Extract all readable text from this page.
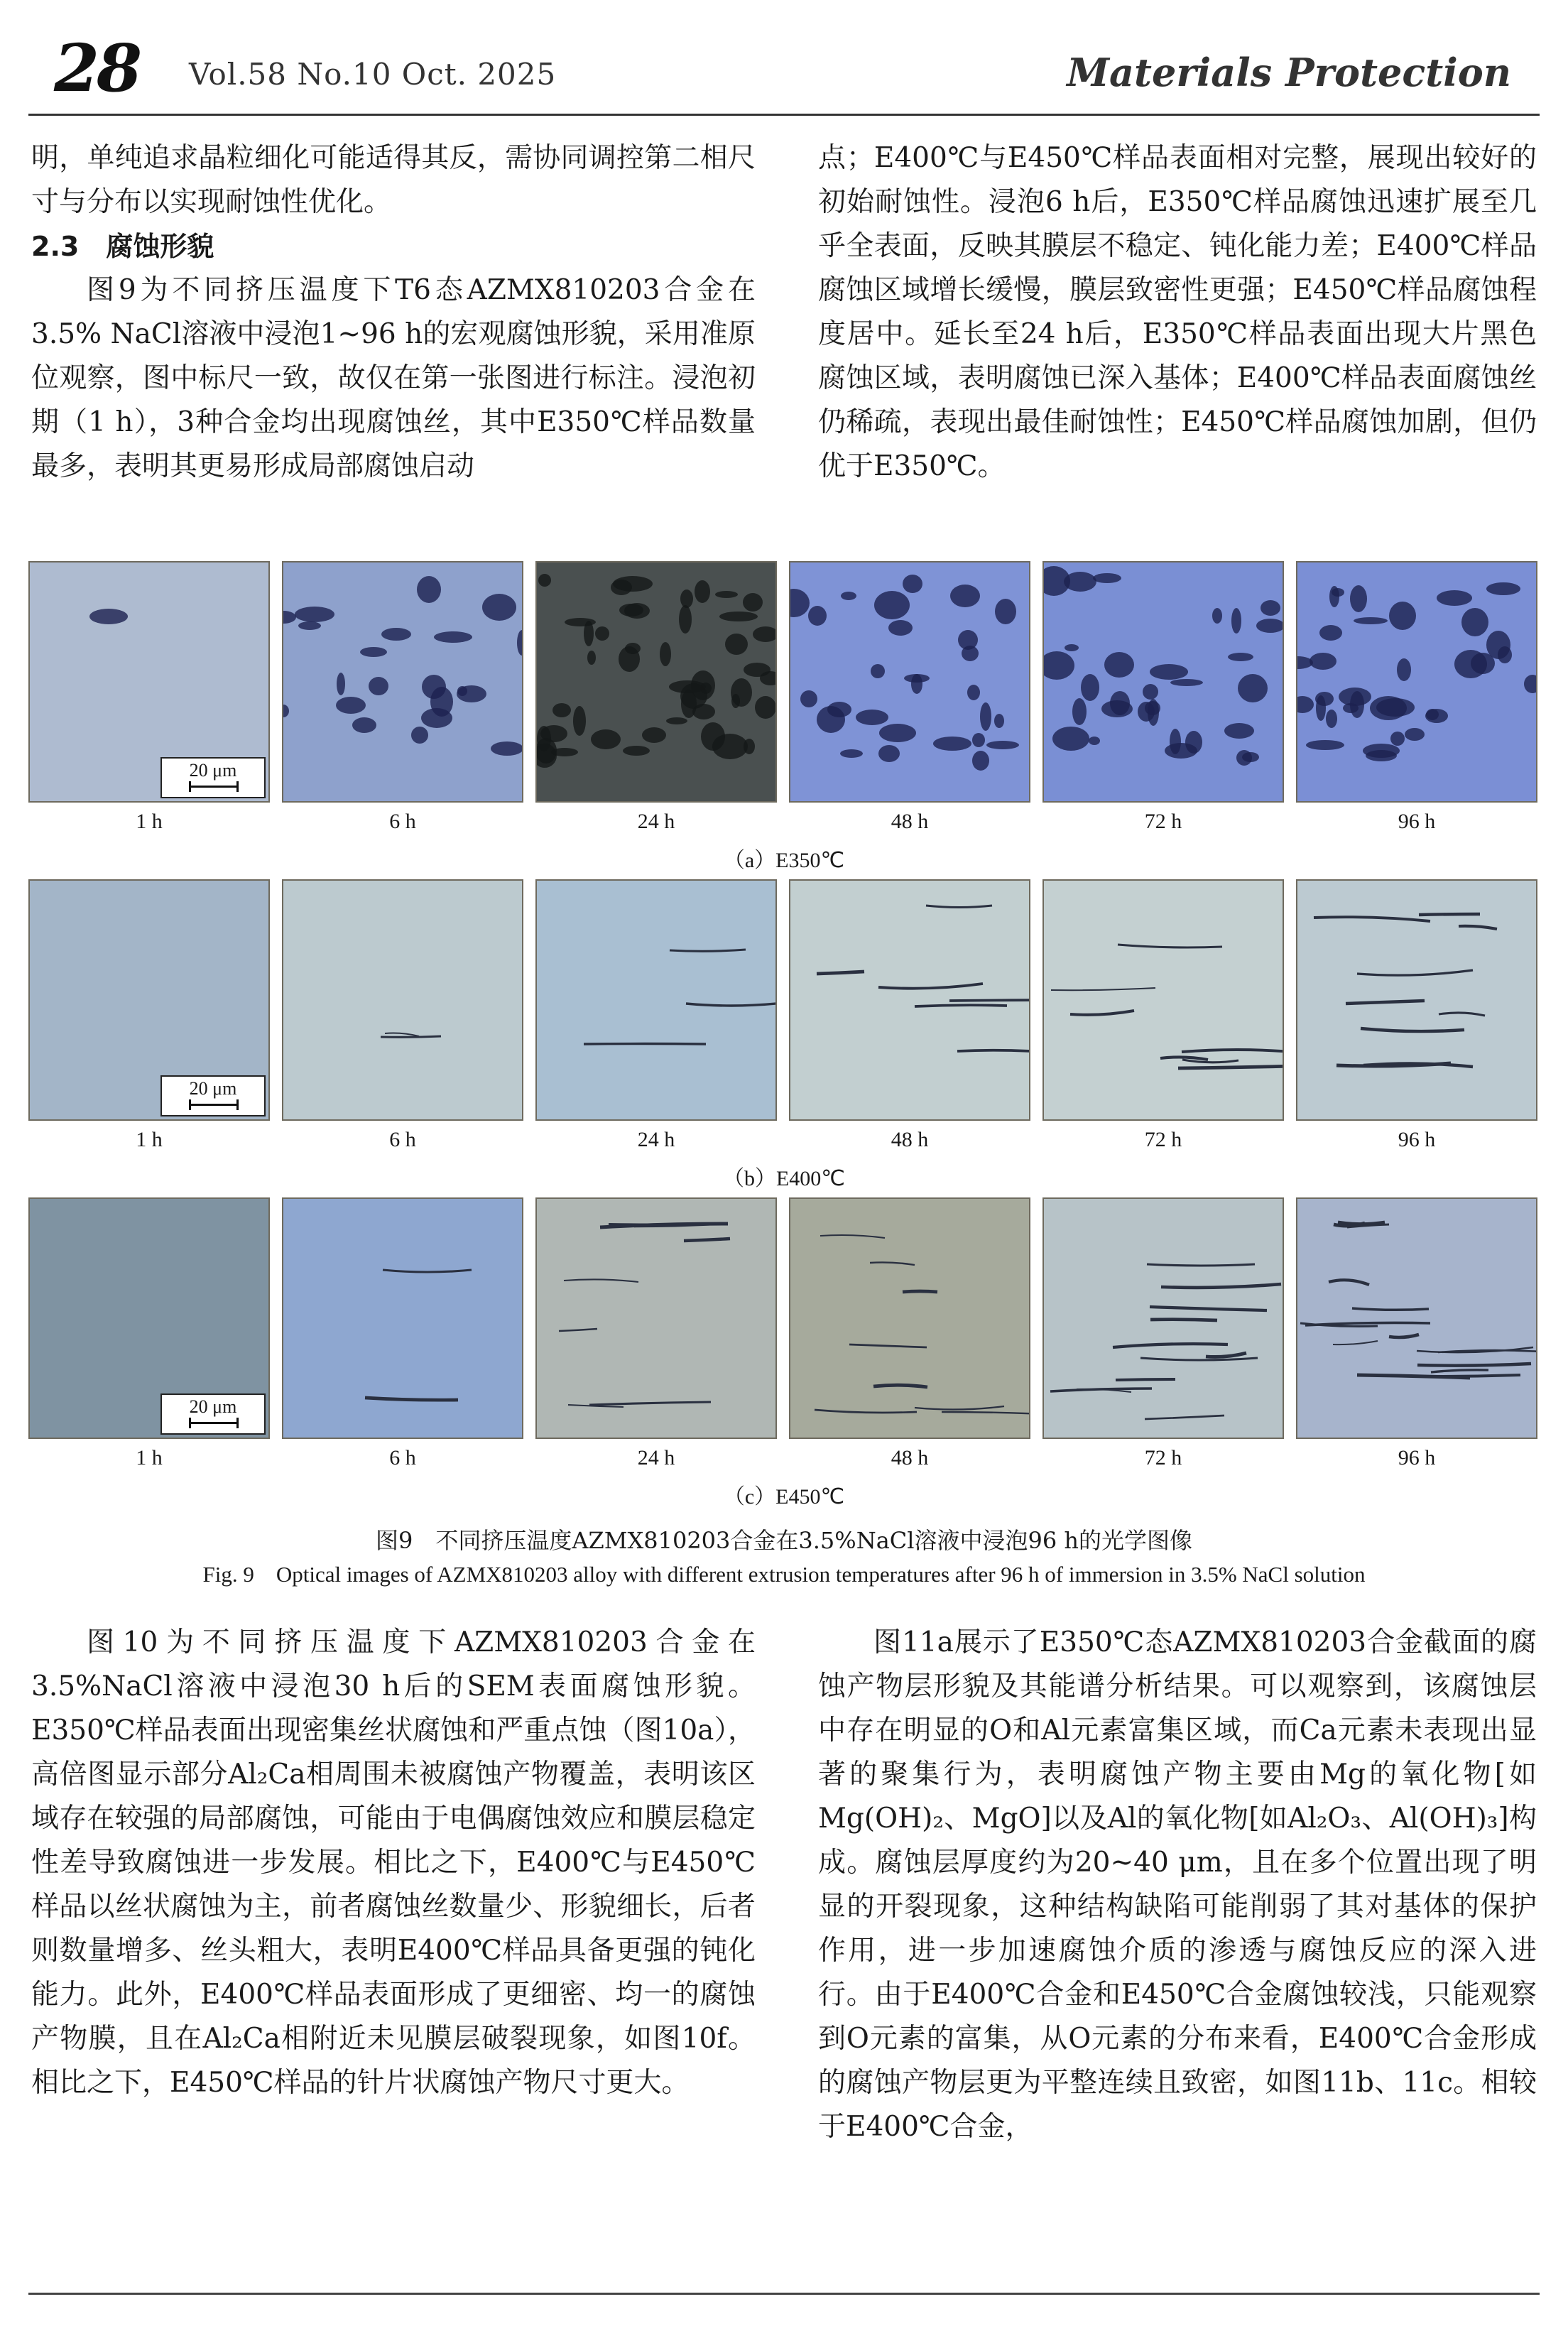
28 Vol.58 No.10 Oct. 2025	Materials Protection

明，单纯追求晶粒细化可能适得其反，需协同调控第二相尺寸与分布以实现耐蚀性优化。

2.3　腐蚀形貌

图9为不同挤压温度下T6态AZMX810203合金在3.5% NaCl溶液中浸泡1~96 h的宏观腐蚀形貌，采用准原位观察，图中标尺一致，故仅在第一张图进行标注。浸泡初期（1 h），3种合金均出现腐蚀丝，其中E350℃样品数量最多，表明其更易形成局部腐蚀启动

点；E400℃与E450℃样品表面相对完整，展现出较好的初始耐蚀性。浸泡6 h后，E350℃样品腐蚀迅速扩展至几乎全表面，反映其膜层不稳定、钝化能力差；E400℃样品腐蚀区域增长缓慢，膜层致密性更强；E450℃样品腐蚀程度居中。延长至24 h后，E350℃样品表面出现大片黑色腐蚀区域，表明腐蚀已深入基体；E400℃样品表面腐蚀丝仍稀疏，表现出最佳耐蚀性；E450℃样品腐蚀加剧，但仍优于E350℃。

20 μm
1 h	6 h	24 h	48 h	72 h	96 h
（a）E350℃
20 μm
1 h	6 h	24 h	48 h	72 h	96 h
（b）E400℃
20 μm
1 h	6 h	24 h	48 h	72 h	96 h
（c）E450℃
图9　不同挤压温度AZMX810203合金在3.5%NaCl溶液中浸泡96 h的光学图像
Fig. 9　Optical images of AZMX810203 alloy with different extrusion temperatures after 96 h of immersion in 3.5% NaCl solution

图10为不同挤压温度下AZMX810203合金在3.5%NaCl溶液中浸泡30 h后的SEM表面腐蚀形貌。E350℃样品表面出现密集丝状腐蚀和严重点蚀（图10a），高倍图显示部分Al₂Ca相周围未被腐蚀产物覆盖，表明该区域存在较强的局部腐蚀，可能由于电偶腐蚀效应和膜层稳定性差导致腐蚀进一步发展。相比之下，E400℃与E450℃样品以丝状腐蚀为主，前者腐蚀丝数量少、形貌细长，后者则数量增多、丝头粗大，表明E400℃样品具备更强的钝化能力。此外，E400℃样品表面形成了更细密、均一的腐蚀产物膜，且在Al₂Ca相附近未见膜层破裂现象，如图10f。相比之下，E450℃样品的针片状腐蚀产物尺寸更大。

图11a展示了E350℃态AZMX810203合金截面的腐蚀产物层形貌及其能谱分析结果。可以观察到，该腐蚀层中存在明显的O和Al元素富集区域，而Ca元素未表现出显著的聚集行为，表明腐蚀产物主要由Mg的氧化物[如Mg(OH)₂、MgO]以及Al的氧化物[如Al₂O₃、Al(OH)₃]构成。腐蚀层厚度约为20~40 μm，且在多个位置出现了明显的开裂现象，这种结构缺陷可能削弱了其对基体的保护作用，进一步加速腐蚀介质的渗透与腐蚀反应的深入进行。由于E400℃合金和E450℃合金腐蚀较浅，只能观察到O元素的富集，从O元素的分布来看，E400℃合金形成的腐蚀产物层更为平整连续且致密，如图11b、11c。相较于E400℃合金，
